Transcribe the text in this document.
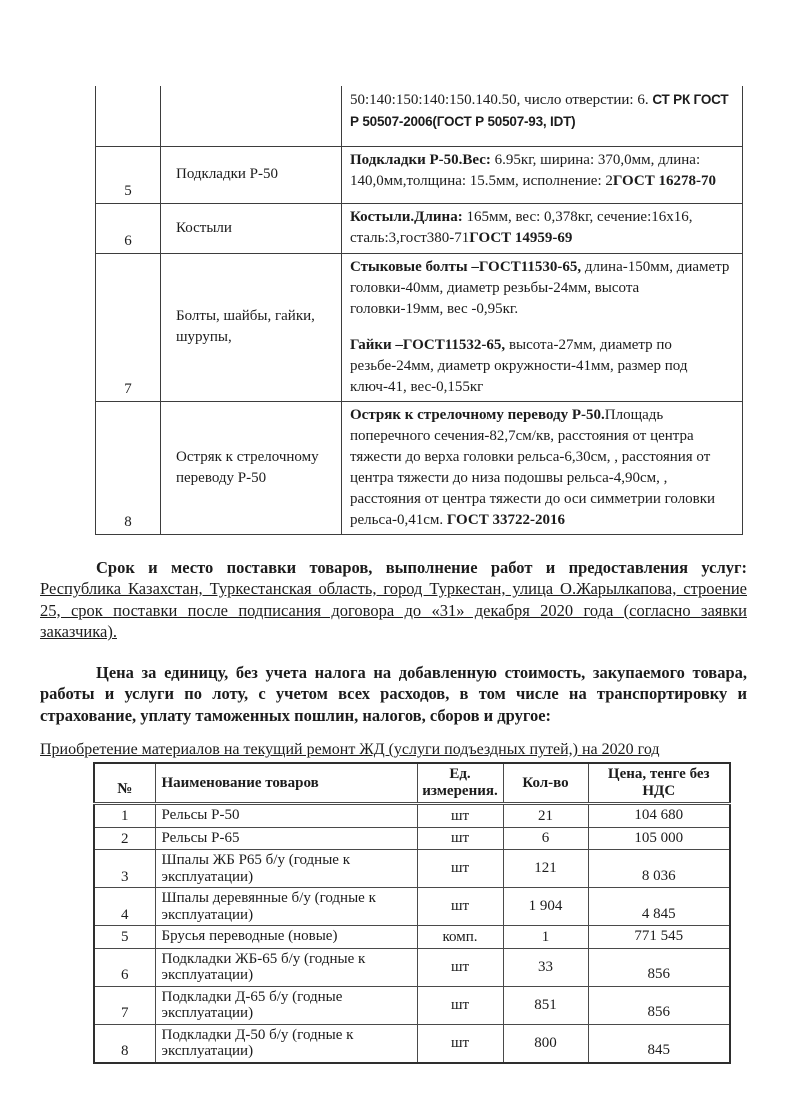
		50:140:150:140:150.140.50, число отверстии: 6. СТ РК ГОСТ Р 50507-2006(ГОСТ Р 50507-93, IDT)

5	Подкладки Р-50	Подкладки Р-50.Вес: 6.95кг, ширина: 370,0мм, длина: 140,0мм,толщина: 15.5мм, исполнение: 2ГОСТ 16278-70

6	Костыли	Костыли.Длина: 165мм, вес: 0,378кг, сечение:16х16, сталь:3,гост380-71ГОСТ 14959-69

7	Болты, шайбы, гайки, шурупы,	Стыковые болты –ГОСТ11530-65, длина-150мм, диаметр головки-40мм, диаметр резьбы-24мм, высота головки-19мм, вес -0,95кг.
Гайки –ГОСТ11532-65, высота-27мм, диаметр по резьбе-24мм, диаметр окружности-41мм, размер под ключ-41, вес-0,155кг

8	Остряк к стрелочному переводу Р-50	Остряк к стрелочному переводу Р-50.Площадь поперечного сечения-82,7см/кв, расстояния от центра тяжести до верха головки рельса-6,30см, , расстояния от центра тяжести до низа подошвы рельса-4,90см, , расстояния от центра тяжести до оси симметрии головки рельса-0,41см. ГОСТ 33722-2016
Срок и место поставки товаров, выполнение работ и предоставления услуг: Республика Казахстан, Туркестанская область, город Туркестан, улица О.Жарылкапова, строение 25, срок поставки после подписания договора до «31» декабря 2020 года (согласно заявки заказчика).
Цена за единицу, без учета налога на добавленную стоимость, закупаемого товара, работы и услуги по лоту, с учетом всех расходов, в том числе на транспортировку и страхование, уплату таможенных пошлин, налогов, сборов и другое:
Приобретение материалов на текущий ремонт ЖД (услуги подъездных путей,) на 2020 год
№	Наименование товаров	Ед. измерения.	Кол-во	Цена, тенге без НДС
1	Рельсы Р-50	шт	21	104 680
2	Рельсы Р-65	шт	6	105 000
3	Шпалы ЖБ Р65 б/у (годные к эксплуатации)	шт	121	8 036
4	Шпалы деревянные б/у (годные к эксплуатации)	шт	1 904	4 845
5	Брусья переводные (новые)	комп.	1	771 545
6	Подкладки ЖБ-65 б/у (годные к эксплуатации)	шт	33	856
7	Подкладки Д-65 б/у (годные эксплуатации)	шт	851	856
8	Подкладки Д-50 б/у (годные к эксплуатации)	шт	800	845
